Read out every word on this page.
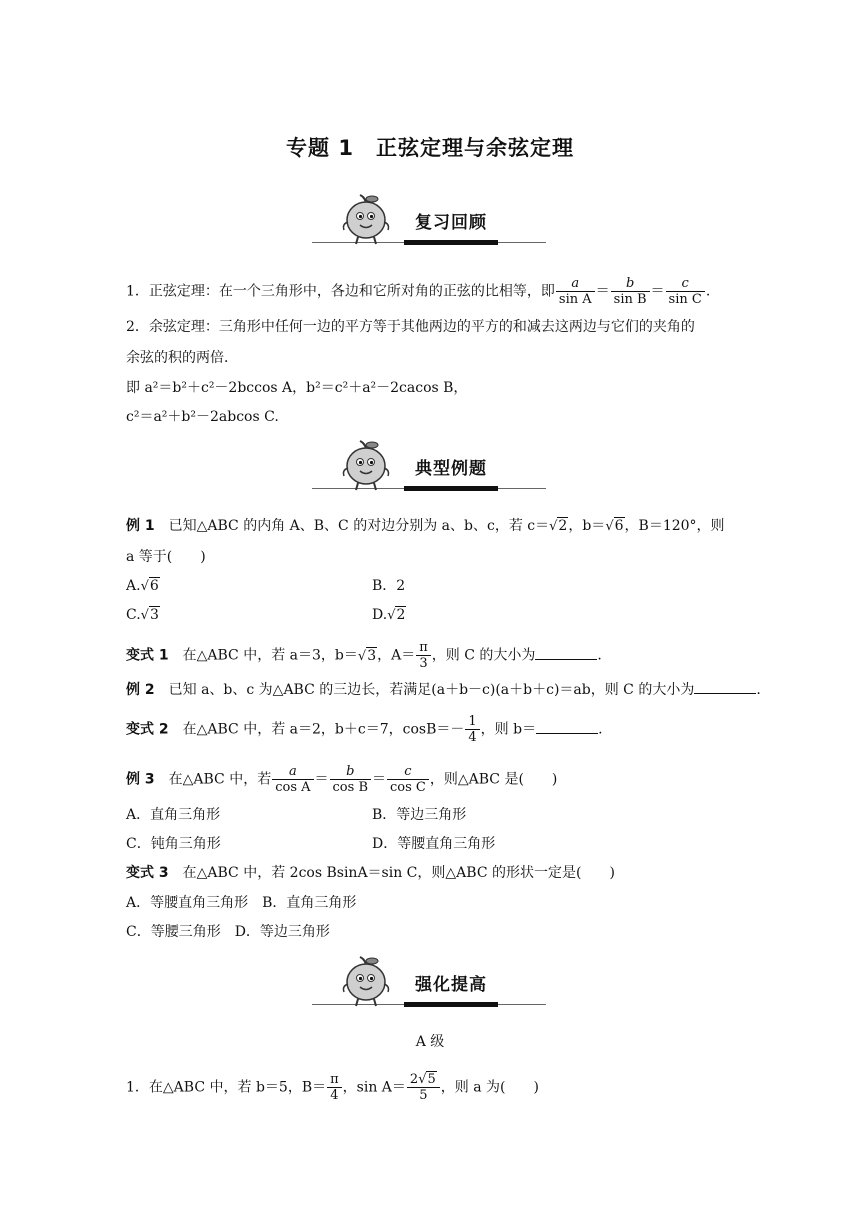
专题 1 正弦定理与余弦定理
复习回顾
1．正弦定理：在一个三角形中，各边和它所对角的正弦的比相等，即 $\frac{a}{\text{sin A}} = \frac{b}{\text{sin B}} = \frac{c}{\text{sin C}}$ .
2．余弦定理：三角形中任何一边的平方等于其他两边的平方的和减去这两边与它们的夹角的
余弦的积的两倍．
即 a²＝b²＋c²－2bccos A，b²＝c²＋a²－2cacos B，
c²＝a²＋b²－2abcos C.
典型例题
例 1　 已知△ABC 的内角 A、B、C 的对边分别为 a、b、c，若 c＝√2，b＝√6，B＝120°，则
a 等于(　　)
A.√6	B．2
C.√3	D.√2
变式 1　 在△ABC 中，若 a＝3，b＝√3，$A= \frac{\pi}{3}$ ，则 C 的大小为	.
例 2　 已知 a、b、c 为△ABC 的三边长，若满足(a＋b－c)(a＋b＋c)＝ab，则 C 的大小为	.
变式 2　 在△ABC 中，若 a＝2，b＋c＝7，$\cos B=- \frac{1}{4}$ ，则 b＝	.
例 3　 在△ABC 中，若 $\frac{a}{\text{cos A}} = \frac{b}{\text{cos B}} = \frac{c}{\text{cos C}}$ ，则△ABC 是(　　)
A．直角三角形	B．等边三角形
C．钝角三角形	D．等腰直角三角形
变式 3　 在△ABC 中，若 2cos BsinA＝sin C，则△ABC 的形状一定是(　　)
A．等腰直角三角形　B．直角三角形
C．等腰三角形　D．等边三角形
强化提高
A 级
1．在△ABC 中，若 b＝5，$B= \frac{\pi}{4}$ ，$\sin A= \frac{2√5}{5}$ ，则 a 为(　　)
